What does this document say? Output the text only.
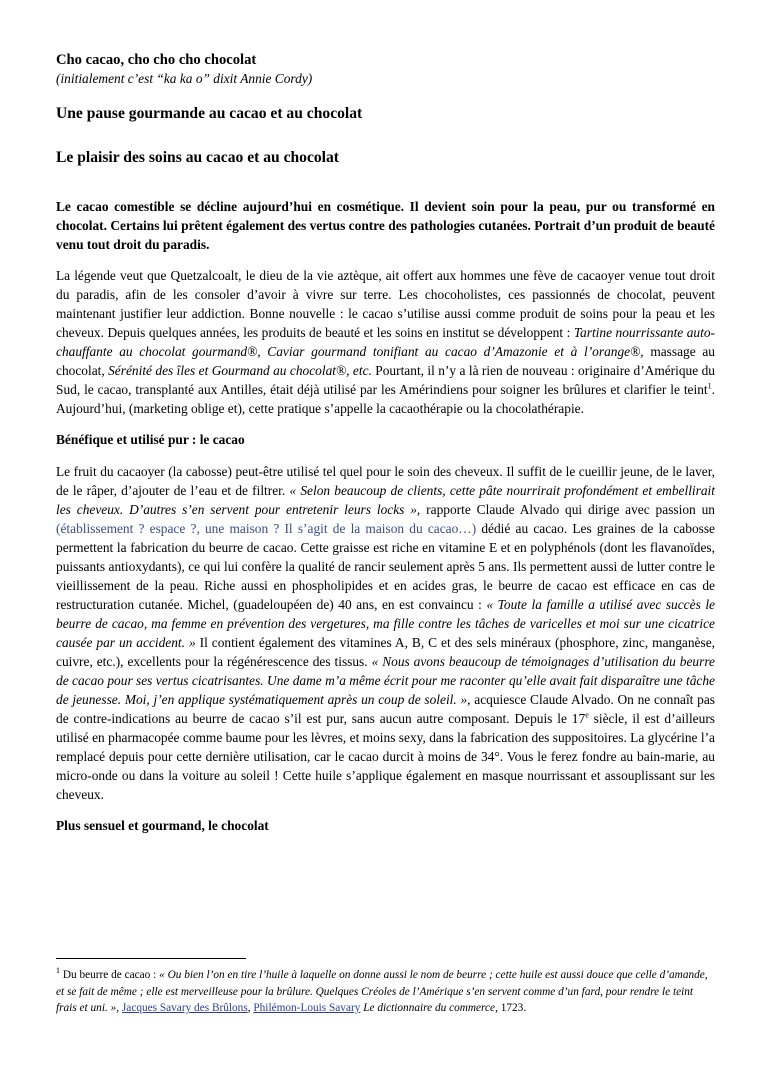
Cho cacao, cho cho cho chocolat

(initialement c’est “ka ka o” dixit Annie Cordy)

Une pause gourmande au cacao et au chocolat

Le plaisir des soins au cacao et au chocolat

Le cacao comestible se décline aujourd’hui en cosmétique. Il devient soin pour la peau, pur ou transformé en chocolat. Certains lui prêtent également des vertus contre des pathologies cutanées. Portrait d’un produit de beauté venu tout droit du paradis.

La légende veut que Quetzalcoalt, le dieu de la vie aztèque, ait offert aux hommes une fève de cacaoyer venue tout droit du paradis, afin de les consoler d’avoir à vivre sur terre. Les chocoholistes, ces passionnés de chocolat, peuvent maintenant justifier leur addiction. Bonne nouvelle : le cacao s’utilise aussi comme produit de soins pour la peau et les cheveux. Depuis quelques années, les produits de beauté et les soins en institut se développent : Tartine nourrissante auto-chauffante au chocolat gourmand®, Caviar gourmand tonifiant au cacao d’Amazonie et à l’orange®, massage au chocolat, Sérénité des îles et Gourmand au chocolat®, etc. Pourtant, il n’y a là rien de nouveau : originaire d’Amérique du Sud, le cacao, transplanté aux Antilles, était déjà utilisé par les Amérindiens pour soigner les brûlures et clarifier le teint$^1$. Aujourd’hui, (marketing oblige et), cette pratique s’appelle la cacaothérapie ou la chocolathérapie.

Bénéfique et utilisé pur : le cacao

Le fruit du cacaoyer (la cabosse) peut-être utilisé tel quel pour le soin des cheveux. Il suffit de le cueillir jeune, de le laver, de le râper, d’ajouter de l’eau et de filtrer. « Selon beaucoup de clients, cette pâte nourrirait profondément et embellirait les cheveux. D’autres s’en servent pour entretenir leurs locks », rapporte Claude Alvado qui dirige avec passion un (établissement ? espace ?, une maison ? Il s’agit de la maison du cacao…) dédié au cacao. Les graines de la cabosse permettent la fabrication du beurre de cacao. Cette graisse est riche en vitamine E et en polyphénols (dont les flavanoïdes, puissants antioxydants), ce qui lui confère la qualité de rancir seulement après 5 ans. Ils permettent aussi de lutter contre le vieillissement de la peau. Riche aussi en phospholipides et en acides gras, le beurre de cacao est efficace en cas de restructuration cutanée. Michel, (guadeloupéen de) 40 ans, en est convaincu : « Toute la famille a utilisé avec succès le beurre de cacao, ma femme en prévention des vergetures, ma fille contre les tâches de varicelles et moi sur une cicatrice causée par un accident. » Il contient également des vitamines A, B, C et des sels minéraux (phosphore, zinc, manganèse, cuivre, etc.), excellents pour la régénérescence des tissus. « Nous avons beaucoup de témoignages d’utilisation du beurre de cacao pour ses vertus cicatrisantes. Une dame m’a même écrit pour me raconter qu’elle avait fait disparaître une tâche de jeunesse. Moi, j’en applique systématiquement après un coup de soleil. », acquiesce Claude Alvado. On ne connaît pas de contre-indications au beurre de cacao s’il est pur, sans aucun autre composant. Depuis le 17e siècle, il est d’ailleurs utilisé en pharmacopée comme baume pour les lèvres, et moins sexy, dans la fabrication des suppositoires. La glycérine l’a remplacé depuis pour cette dernière utilisation, car le cacao durcit à moins de 34°. Vous le ferez fondre au bain-marie, au micro-onde ou dans la voiture au soleil ! Cette huile s’applique également en masque nourrissant et assouplissant sur les cheveux.

Plus sensuel et gourmand, le chocolat

$^1$ Du beurre de cacao : « Ou bien l’on en tire l’huile à laquelle on donne aussi le nom de beurre ; cette huile est aussi douce que celle d’amande, et se fait de même ; elle est merveilleuse pour la brûlure. Quelques Créoles de l’Amérique s’en servent comme d’un fard, pour rendre le teint frais et uni. », Jacques Savary des Brûlons, Philémon-Louis Savary Le dictionnaire du commerce, 1723.
